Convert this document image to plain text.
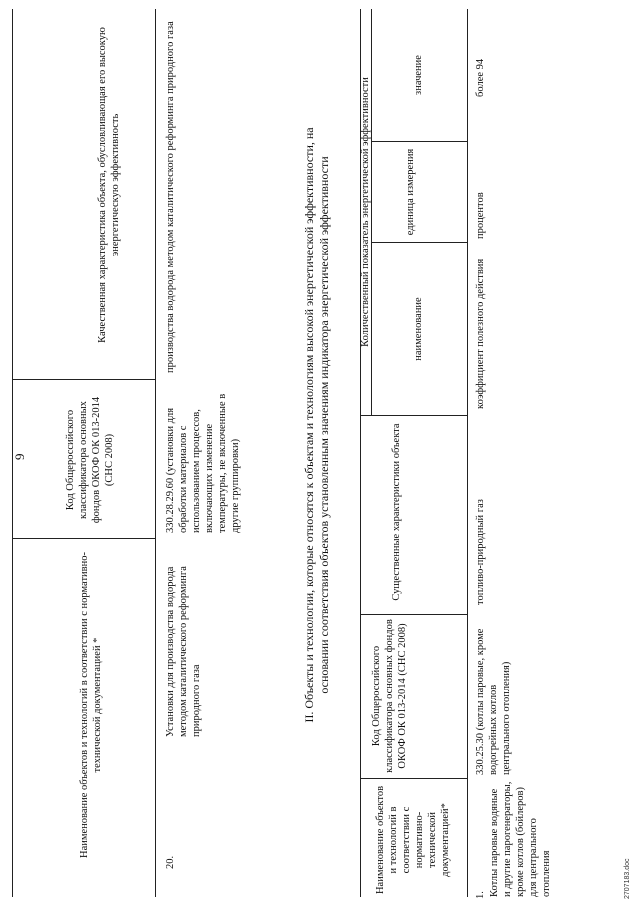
9
Наименование объектов и технологий в соответствии с нормативно-технической документацией *
Код Общероссийского классификатора основных фондов ОКОФ ОК 013-2014 (СНС 2008)
Качественная характеристика объекта, обусловливающая его высокую энергетическую эффективность
20.
Установки для производства водорода методом каталитического реформинга природного газа
330.28.29.60 (установки для обработки материалов с использованием процессов, включающих изменение температуры, не включенные в другие группировки)
производства водорода методом каталитического реформинга природного газа	II. Объекты и технологии, которые относятся к объектам и технологиям высокой энергетической эффективности, на основании соответствия объектов установленным значениям индикатора энергетической эффективности
Наименование объектов и технологий в соответствии с нормативно-технической документацией*
Код Общероссийского классификатора основных фондов ОКОФ ОК 013-2014 (СНС 2008)
Существенные характеристики объекта
Количественный показатель энергетической эффективности	наименование
единица измерения
значение
1. Котлы паровые водяные и другие парогенераторы, кроме котлов (бойлеров) для центрального отопления
330.25.30 (котлы паровые, кроме водогрейных котлов центрального отопления)
топливо-природный газ
коэффициент полезного действия
процентов
более 94
2707183.doc
